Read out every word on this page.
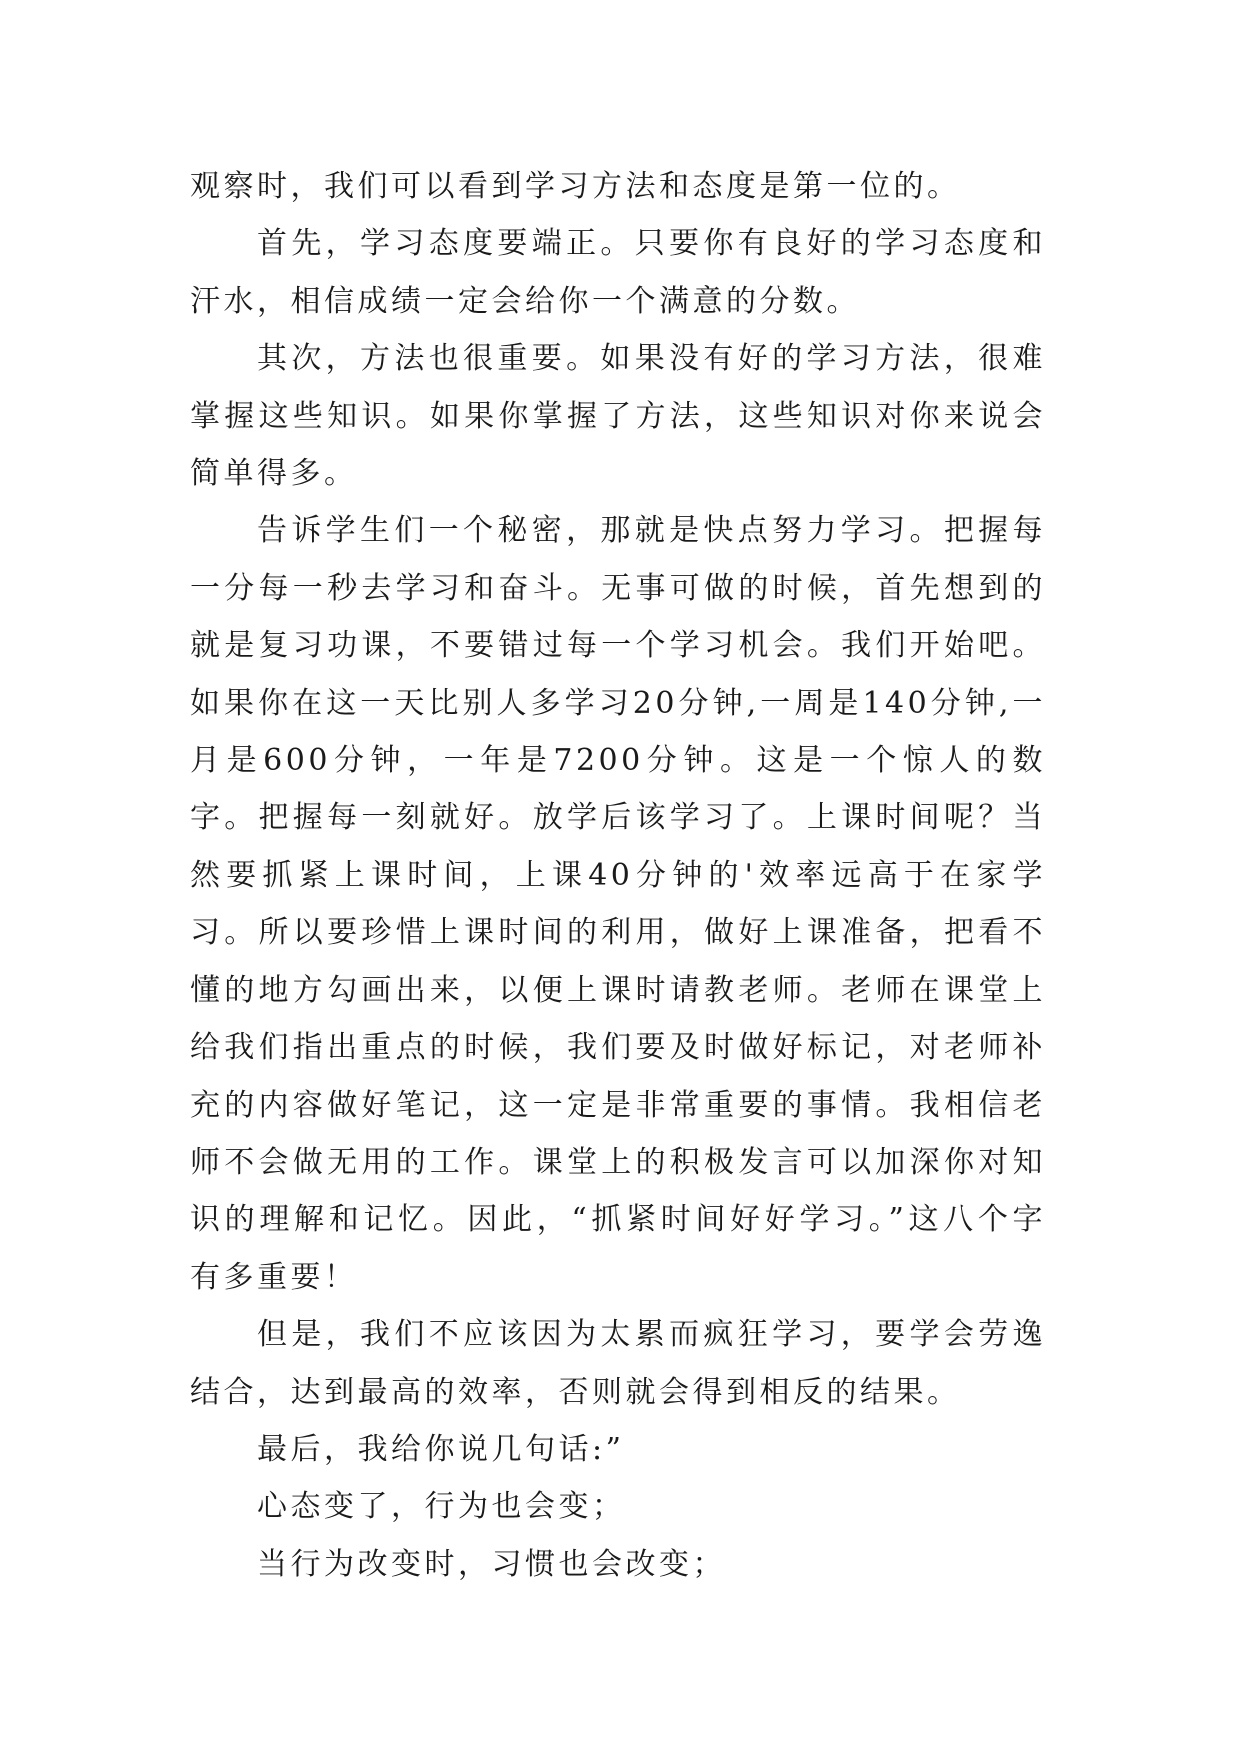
观察时，我们可以看到学习方法和态度是第一位的。

首先，学习态度要端正。只要你有良好的学习态度和汗水，相信成绩一定会给你一个满意的分数。

其次，方法也很重要。如果没有好的学习方法，很难掌握这些知识。如果你掌握了方法，这些知识对你来说会简单得多。

告诉学生们一个秘密，那就是快点努力学习。把握每一分每一秒去学习和奋斗。无事可做的时候，首先想到的就是复习功课，不要错过每一个学习机会。我们开始吧。如果你在这一天比别人多学习20分钟,一周是140分钟,一月是600分钟，一年是7200分钟。这是一个惊人的数字。把握每一刻就好。放学后该学习了。上课时间呢？当然要抓紧上课时间，上课40分钟的'效率远高于在家学习。所以要珍惜上课时间的利用，做好上课准备，把看不懂的地方勾画出来，以便上课时请教老师。老师在课堂上给我们指出重点的时候，我们要及时做好标记，对老师补充的内容做好笔记，这一定是非常重要的事情。我相信老师不会做无用的工作。课堂上的积极发言可以加深你对知识的理解和记忆。因此，“抓紧时间好好学习。”这八个字有多重要！

但是，我们不应该因为太累而疯狂学习，要学会劳逸结合，达到最高的效率，否则就会得到相反的结果。

最后，我给你说几句话:”

心态变了，行为也会变；

当行为改变时，习惯也会改变；
